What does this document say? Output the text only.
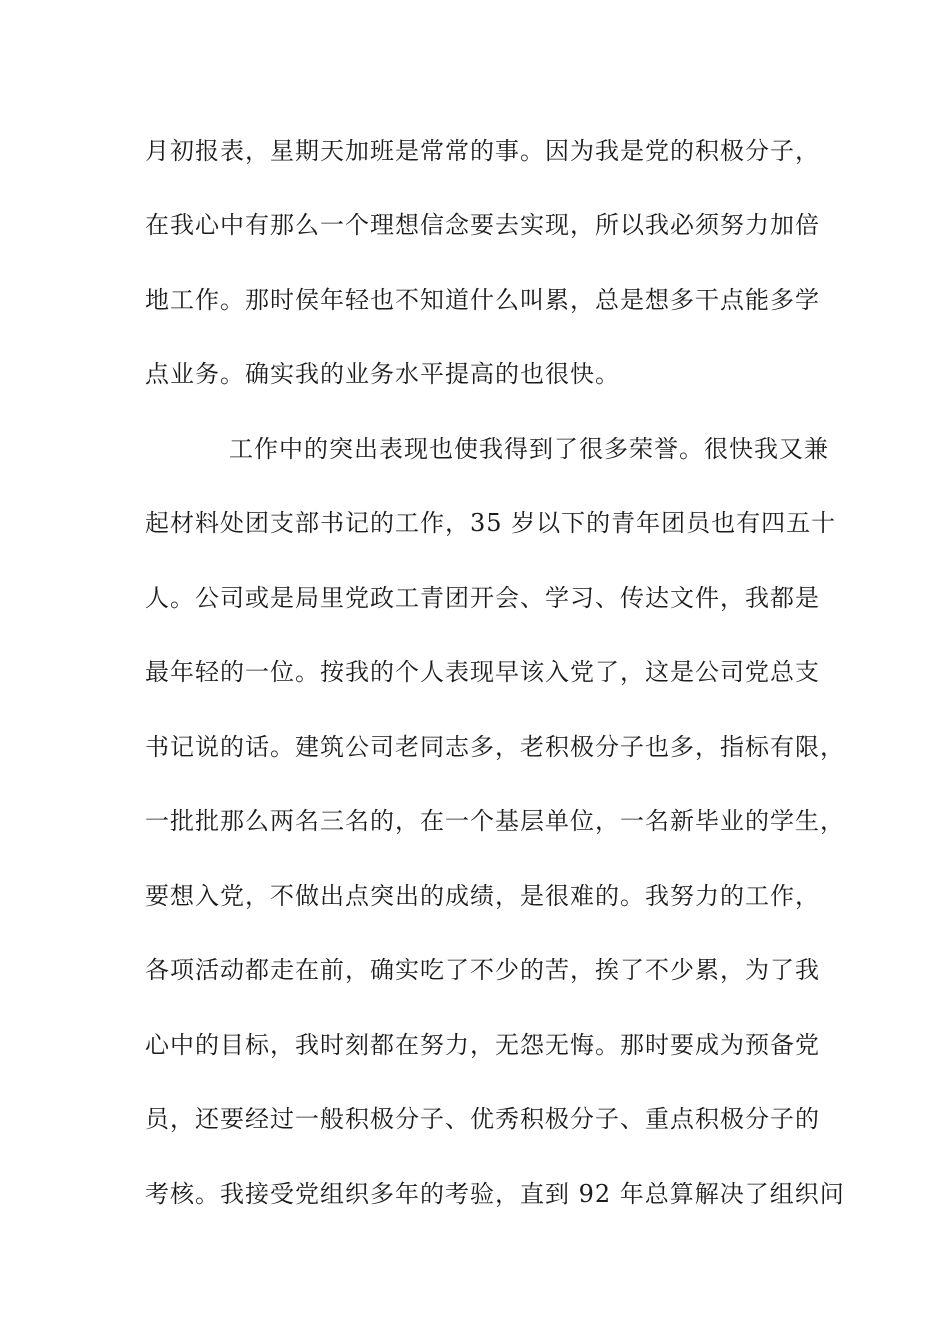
月初报表，星期天加班是常常的事。因为我是党的积极分子，
在我心中有那么一个理想信念要去实现，所以我必须努力加倍
地工作。那时侯年轻也不知道什么叫累，总是想多干点能多学
点业务。确实我的业务水平提高的也很快。
工作中的突出表现也使我得到了很多荣誉。很快我又兼
起材料处团支部书记的工作，35 岁以下的青年团员也有四五十
人。公司或是局里党政工青团开会、学习、传达文件，我都是
最年轻的一位。按我的个人表现早该入党了，这是公司党总支
书记说的话。建筑公司老同志多，老积极分子也多，指标有限，
一批批那么两名三名的，在一个基层单位，一名新毕业的学生，
要想入党，不做出点突出的成绩，是很难的。我努力的工作，
各项活动都走在前，确实吃了不少的苦，挨了不少累，为了我
心中的目标，我时刻都在努力，无怨无悔。那时要成为预备党
员，还要经过一般积极分子、优秀积极分子、重点积极分子的
考核。我接受党组织多年的考验，直到 92 年总算解决了组织问
